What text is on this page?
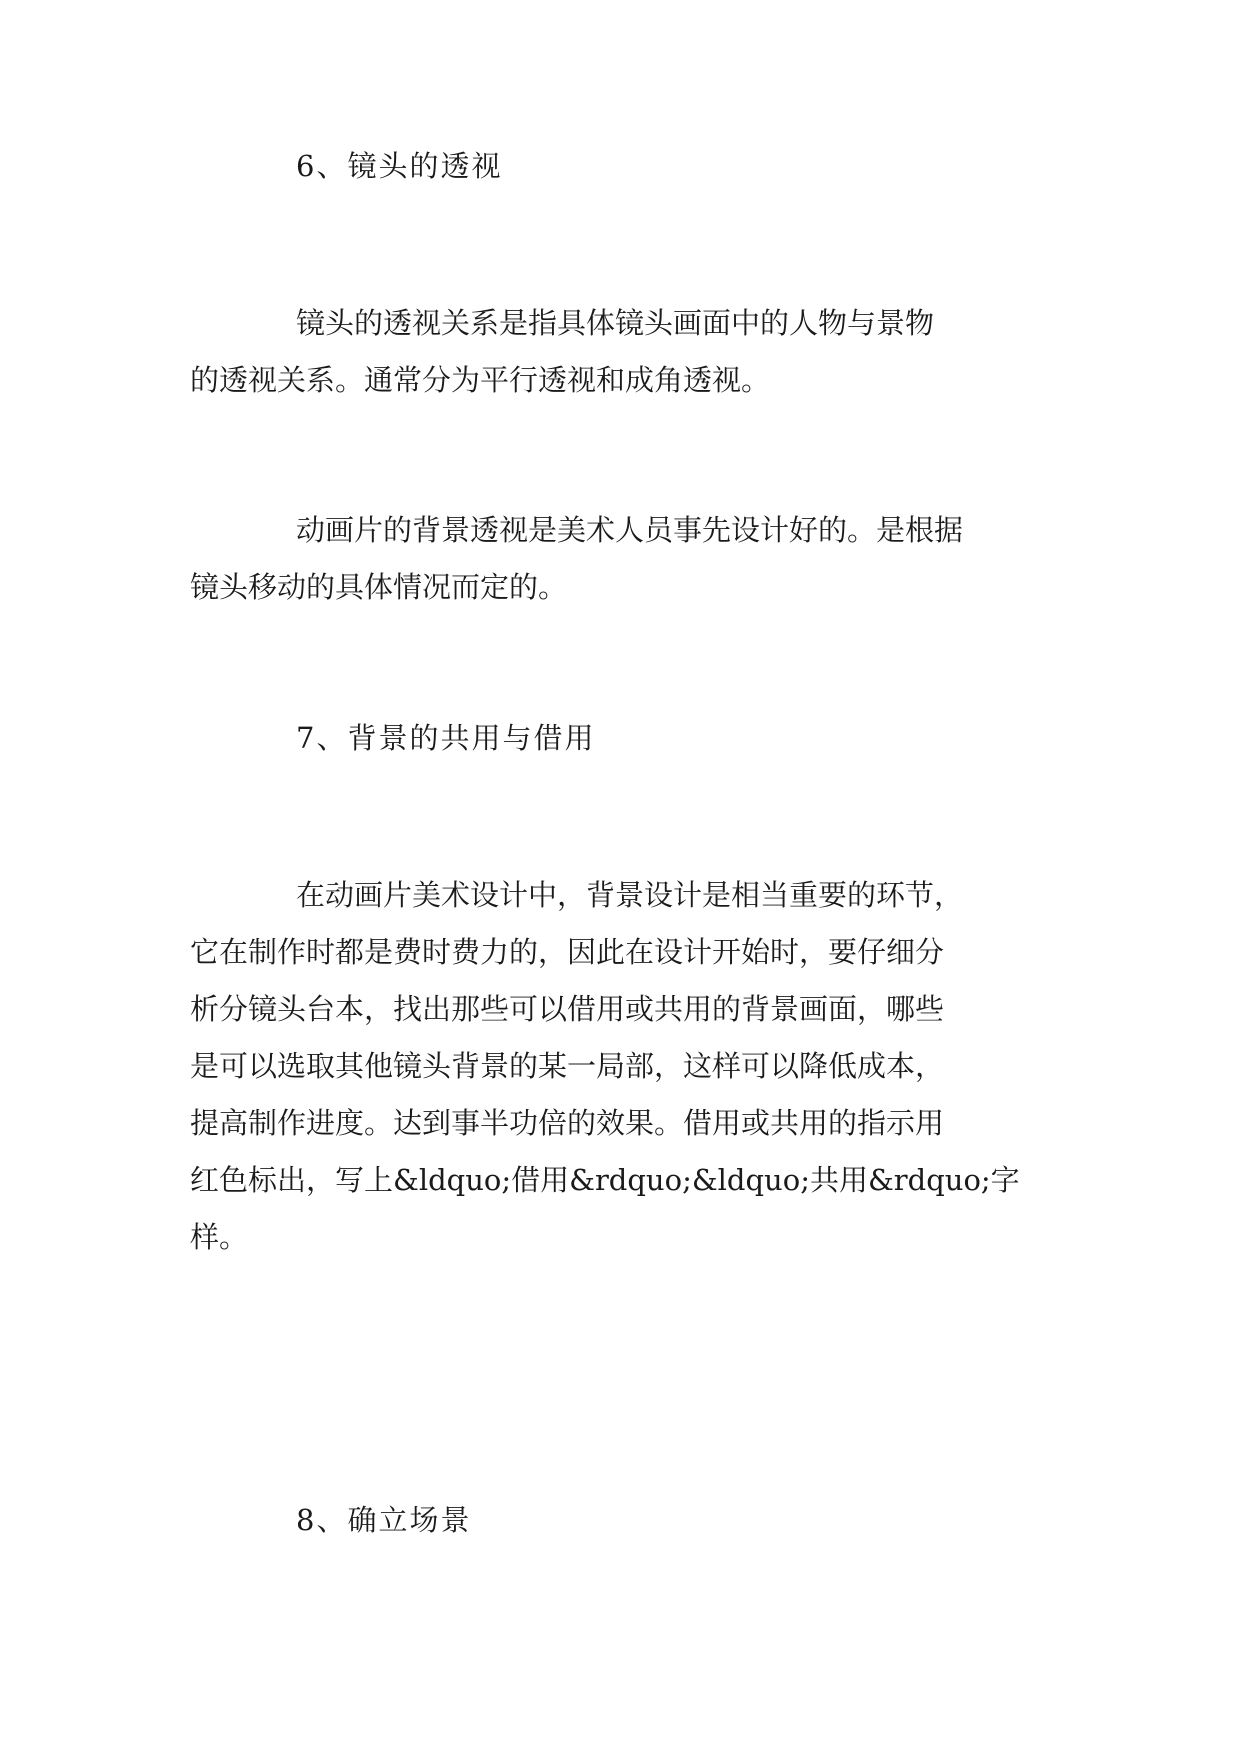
6、镜头的透视

镜头的透视关系是指具体镜头画面中的人物与景物
的透视关系。通常分为平行透视和成角透视。

动画片的背景透视是美术人员事先设计好的。是根据
镜头移动的具体情况而定的。

7、背景的共用与借用

在动画片美术设计中，背景设计是相当重要的环节，
它在制作时都是费时费力的，因此在设计开始时，要仔细分
析分镜头台本，找出那些可以借用或共用的背景画面，哪些
是可以选取其他镜头背景的某一局部，这样可以降低成本，
提高制作进度。达到事半功倍的效果。借用或共用的指示用
红色标出，写上&ldquo;借用&rdquo;&ldquo;共用&rdquo;字
样。

8、确立场景
